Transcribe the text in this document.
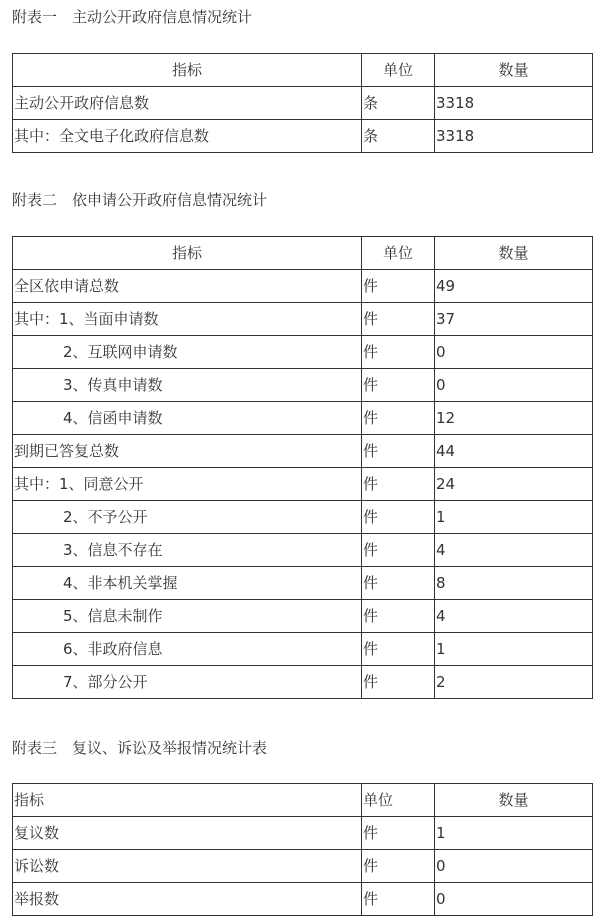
附表一　主动公开政府信息情况统计
指标	单位	数量
主动公开政府信息数	条	3318
其中：全文电子化政府信息数	条	3318
附表二　依申请公开政府信息情况统计
指标	单位	数量
全区依申请总数	件	49
其中：1、当面申请数	件	37
2、互联网申请数	件	0
3、传真申请数	件	0
4、信函申请数	件	12
到期已答复总数	件	44
其中：1、同意公开	件	24
2、不予公开	件	1
3、信息不存在	件	4
4、非本机关掌握	件	8
5、信息未制作	件	4
6、非政府信息	件	1
7、部分公开	件	2
附表三　复议、诉讼及举报情况统计表
指标	单位	数量
复议数	件	1
诉讼数	件	0
举报数	件	0
